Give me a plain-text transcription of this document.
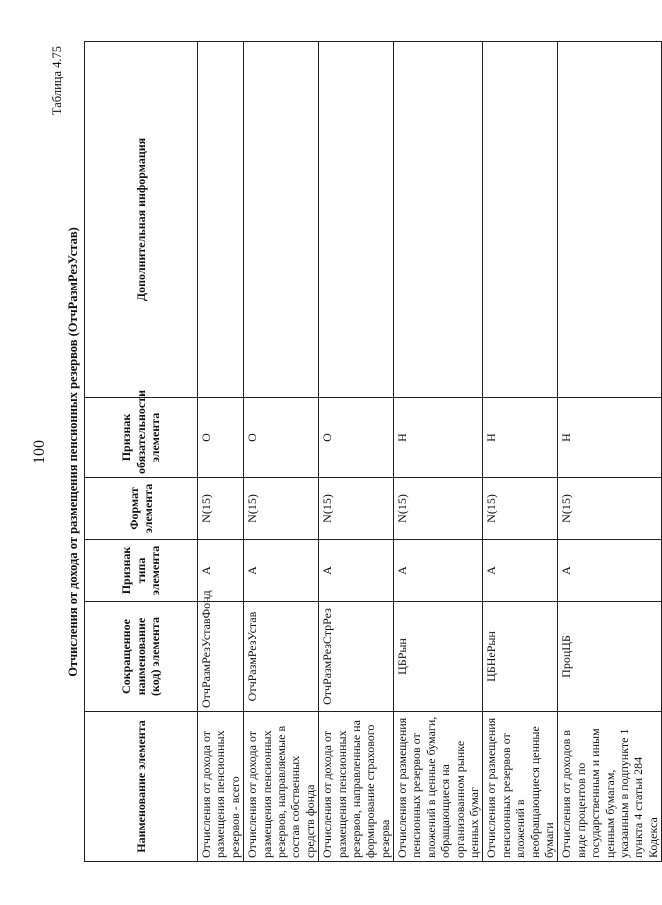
100
Таблица 4.75
Отчисления от дохода от размещения пенсионных резервов (ОтчРазмРезУстав)
Наименование элемента	Сокращенное наименование (код) элемента	Признак типа элемента	Формат элемента	Признак обязательности элемента	Дополнительная информация
Отчисления от дохода от размещения пенсионных резервов - всего	ОтчРазмРезУставФонд	А	N(15)	О	
Отчисления от дохода от размещения пенсионных резервов, направляемые в состав собственных средств фонда	ОтчРазмРезУстав	А	N(15)	О	
Отчисления от дохода от размещения пенсионных резервов, направленные на формирование страхового резерва	ОтчРазмРезСтрРез	А	N(15)	О	
Отчисления от размещения пенсионных резервов от вложений в ценные бумаги, обращающиеся на организованном рынке ценных бумаг	ЦБРын	А	N(15)	Н	
Отчисления от размещения пенсионных резервов от вложений в необращающиеся ценные бумаги	ЦБНеРын	А	N(15)	Н	
Отчисления от доходов в виде процентов по государственным и иным ценным бумагам, указанным в подпункте 1 пункта 4 статьи 284 Кодекса	ПроцЦБ	А	N(15)	Н	
